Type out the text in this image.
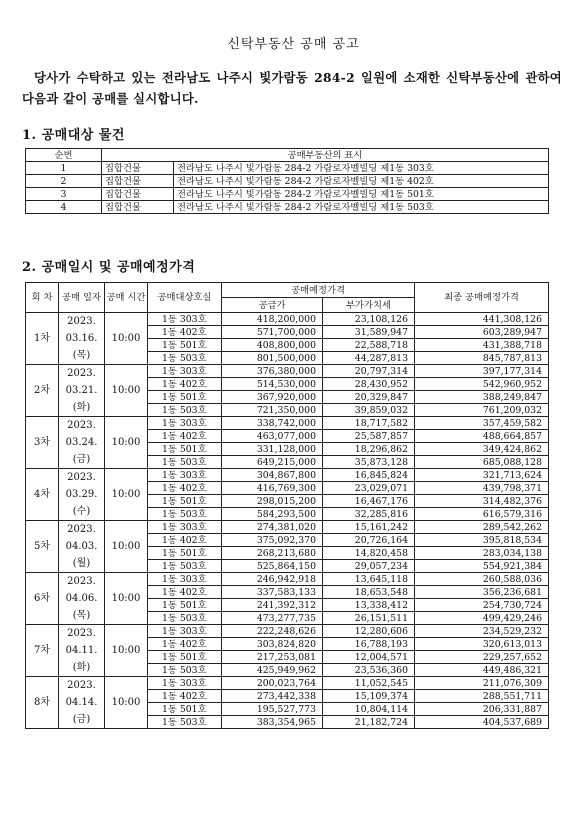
신탁부동산 공매 공고
당사가 수탁하고 있는 전라남도 나주시 빛가람동 284-2 일원에 소재한 신탁부동산에 관하여 다음과 같이 공매를 실시합니다.
1. 공매대상 물건
순번	공매부동산의 표시	
1	집합건물	전라남도 나주시 빛가람동 284-2 가람로자벨빌딩 제1동 303호
2	집합건물	전라남도 나주시 빛가람동 284-2 가람로자벨빌딩 제1동 402호
3	집합건물	전라남도 나주시 빛가람동 284-2 가람로자벨빌딩 제1동 501호
4	집합건물	전라남도 나주시 빛가람동 284-2 가람로자벨빌딩 제1동 503호
2. 공매일시 및 공매예정가격
회 차	공매 일자	공매 시간	공매대상호실	공매예정가격		최종 공매예정가격
				공급가	부가가치세	
1차	2023.
03.16.
(목)	10:00	1동 303호	418,200,000	23,108,126	441,308,126
			1동 402호	571,700,000	31,589,947	603,289,947
			1동 501호	408,800,000	22,588,718	431,388,718
			1동 503호	801,500,000	44,287,813	845,787,813
2차	2023.
03.21.
(화)	10:00	1동 303호	376,380,000	20,797,314	397,177,314
			1동 402호	514,530,000	28,430,952	542,960,952
			1동 501호	367,920,000	20,329,847	388,249,847
			1동 503호	721,350,000	39,859,032	761,209,032
3차	2023.
03.24.
(금)	10:00	1동 303호	338,742,000	18,717,582	357,459,582
			1동 402호	463,077,000	25,587,857	488,664,857
			1동 501호	331,128,000	18,296,862	349,424,862
			1동 503호	649,215,000	35,873,128	685,088,128
4차	2023.
03.29.
(수)	10:00	1동 303호	304,867,800	16,845,824	321,713,624
			1동 402호	416,769,300	23,029,071	439,798,371
			1동 501호	298,015,200	16,467,176	314,482,376
			1동 503호	584,293,500	32,285,816	616,579,316
5차	2023.
04.03.
(월)	10:00	1동 303호	274,381,020	15,161,242	289,542,262
			1동 402호	375,092,370	20,726,164	395,818,534
			1동 501호	268,213,680	14,820,458	283,034,138
			1동 503호	525,864,150	29,057,234	554,921,384
6차	2023.
04.06.
(목)	10:00	1동 303호	246,942,918	13,645,118	260,588,036
			1동 402호	337,583,133	18,653,548	356,236,681
			1동 501호	241,392,312	13,338,412	254,730,724
			1동 503호	473,277,735	26,151,511	499,429,246
7차	2023.
04.11.
(화)	10:00	1동 303호	222,248,626	12,280,606	234,529,232
			1동 402호	303,824,820	16,788,193	320,613,013
			1동 501호	217,253,081	12,004,571	229,257,652
			1동 503호	425,949,962	23,536,360	449,486,321
8차	2023.
04.14.
(금)	10:00	1동 303호	200,023,764	11,052,545	211,076,309
			1동 402호	273,442,338	15,109,374	288,551,711
			1동 501호	195,527,773	10,804,114	206,331,887
			1동 503호	383,354,965	21,182,724	404,537,689
